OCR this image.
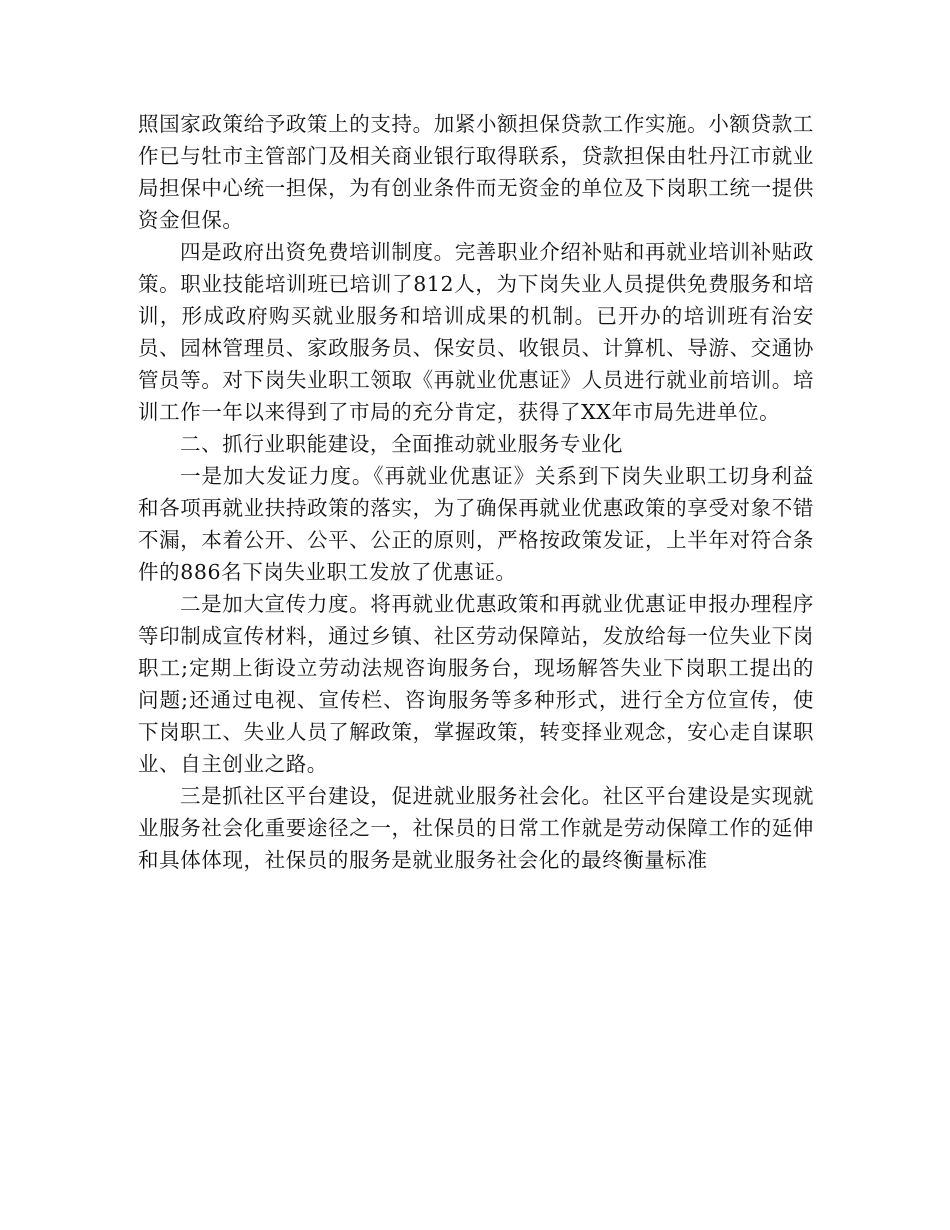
照国家政策给予政策上的支持。加紧小额担保贷款工作实施。小额贷款工作已与牡市主管部门及相关商业银行取得联系，贷款担保由牡丹江市就业局担保中心统一担保，为有创业条件而无资金的单位及下岗职工统一提供资金但保。

四是政府出资免费培训制度。完善职业介绍补贴和再就业培训补贴政策。职业技能培训班已培训了812人，为下岗失业人员提供免费服务和培训，形成政府购买就业服务和培训成果的机制。已开办的培训班有治安员、园林管理员、家政服务员、保安员、收银员、计算机、导游、交通协管员等。对下岗失业职工领取《再就业优惠证》人员进行就业前培训。培训工作一年以来得到了市局的充分肯定，获得了XX年市局先进单位。

二、抓行业职能建设，全面推动就业服务专业化

一是加大发证力度。《再就业优惠证》关系到下岗失业职工切身利益和各项再就业扶持政策的落实，为了确保再就业优惠政策的享受对象不错不漏，本着公开、公平、公正的原则，严格按政策发证，上半年对符合条件的886名下岗失业职工发放了优惠证。

二是加大宣传力度。将再就业优惠政策和再就业优惠证申报办理程序等印制成宣传材料，通过乡镇、社区劳动保障站，发放给每一位失业下岗职工;定期上街设立劳动法规咨询服务台，现场解答失业下岗职工提出的问题;还通过电视、宣传栏、咨询服务等多种形式，进行全方位宣传，使下岗职工、失业人员了解政策，掌握政策，转变择业观念，安心走自谋职业、自主创业之路。

三是抓社区平台建设，促进就业服务社会化。社区平台建设是实现就业服务社会化重要途径之一，社保员的日常工作就是劳动保障工作的延伸和具体体现，社保员的服务是就业服务社会化的最终衡量标准
